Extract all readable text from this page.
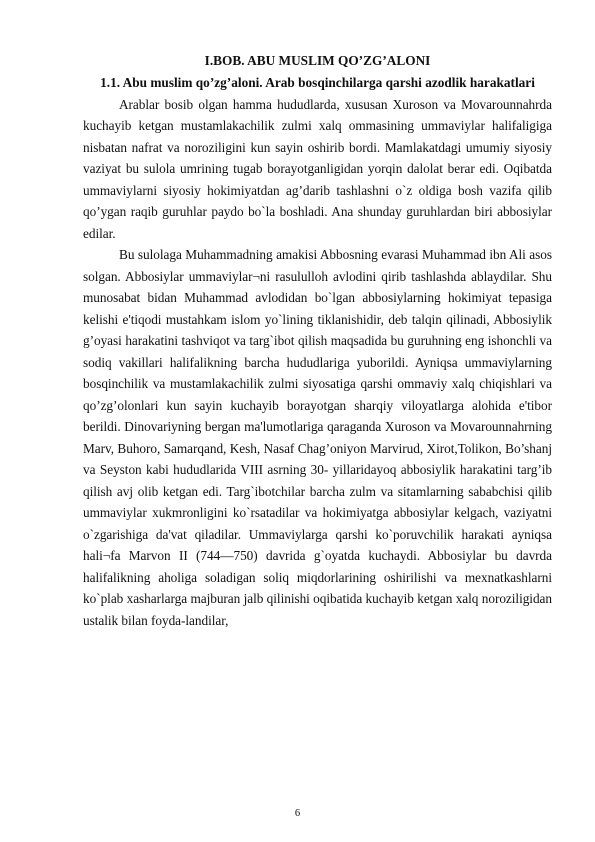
I.BOB. ABU MUSLIM QO’ZG’ALONI
1.1. Abu muslim qo’zg’aloni. Arab bosqinchilarga qarshi azodlik harakatlari

Arablar bosib olgan hamma hududlarda, xususan Xuroson va Movarounnahrda kuchayib ketgan mustamlakachilik zulmi xalq ommasining ummaviylar halifaligiga nisbatan nafrat va noroziligini kun sayin oshirib bordi. Mamlakatdagi umumiy siyosiy vaziyat bu sulola umrining tugab borayotganligidan yorqin dalolat berar edi. Oqibatda ummaviylarni siyosiy hokimiyatdan ag’darib tashlashni o`z oldiga bosh vazifa qilib qo’ygan raqib guruhlar paydo bo`la boshladi. Ana shunday guruhlardan biri abbosiylar edilar.

Bu sulolaga Muhammadning amakisi Abbosning evarasi Muhammad ibn Ali asos solgan. Abbosiylar ummaviylar¬ni rasululloh avlodini qirib tashlashda ablaydilar. Shu munosabat bidan Muhammad avlodidan bo`lgan abbosiylarning hokimiyat tepasiga kelishi e'tiqodi mustahkam islom yo`lining tiklanishidir, deb talqin qilinadi, Abbosiylik g’oyasi harakatini tashviqot va targ`ibot qilish maqsadida bu guruhning eng ishonchli va sodiq vakillari halifalikning barcha hududlariga yuborildi. Ayniqsa ummaviylarning bosqinchilik va mustamlakachilik zulmi siyosatiga qarshi ommaviy xalq chiqishlari va qo’zg’olonlari kun sayin kuchayib borayotgan sharqiy viloyatlarga alohida e'tibor berildi. Dinovariyning bergan ma'lumotlariga qaraganda Xuroson va Movarounnahrning Marv, Buhoro, Samarqand, Kesh, Nasaf Chag’oniyon Marvirud, Xirot,Tolikon, Bo’shanj va Seyston kabi hududlarida VIII asrning 30- yillaridayoq abbosiylik harakatini targ’ib qilish avj olib ketgan edi. Targ`ibotchilar barcha zulm va sitamlarning sababchisi qilib ummaviylar xukmronligini ko`rsatadilar va hokimiyatga abbosiylar kelgach, vaziyatni o`zgarishiga da'vat qiladilar. Ummaviylarga qarshi ko`poruvchilik harakati ayniqsa hali¬fa Marvon II (744—750) davrida g`oyatda kuchaydi. Abbosiylar bu davrda halifalikning aholiga soladigan soliq miqdorlarining oshirilishi va mexnatkashlarni ko`plab xasharlarga majburan jalb qilinishi oqibatida kuchayib ketgan xalq noroziligidan ustalik bilan foyda-landilar,

6
